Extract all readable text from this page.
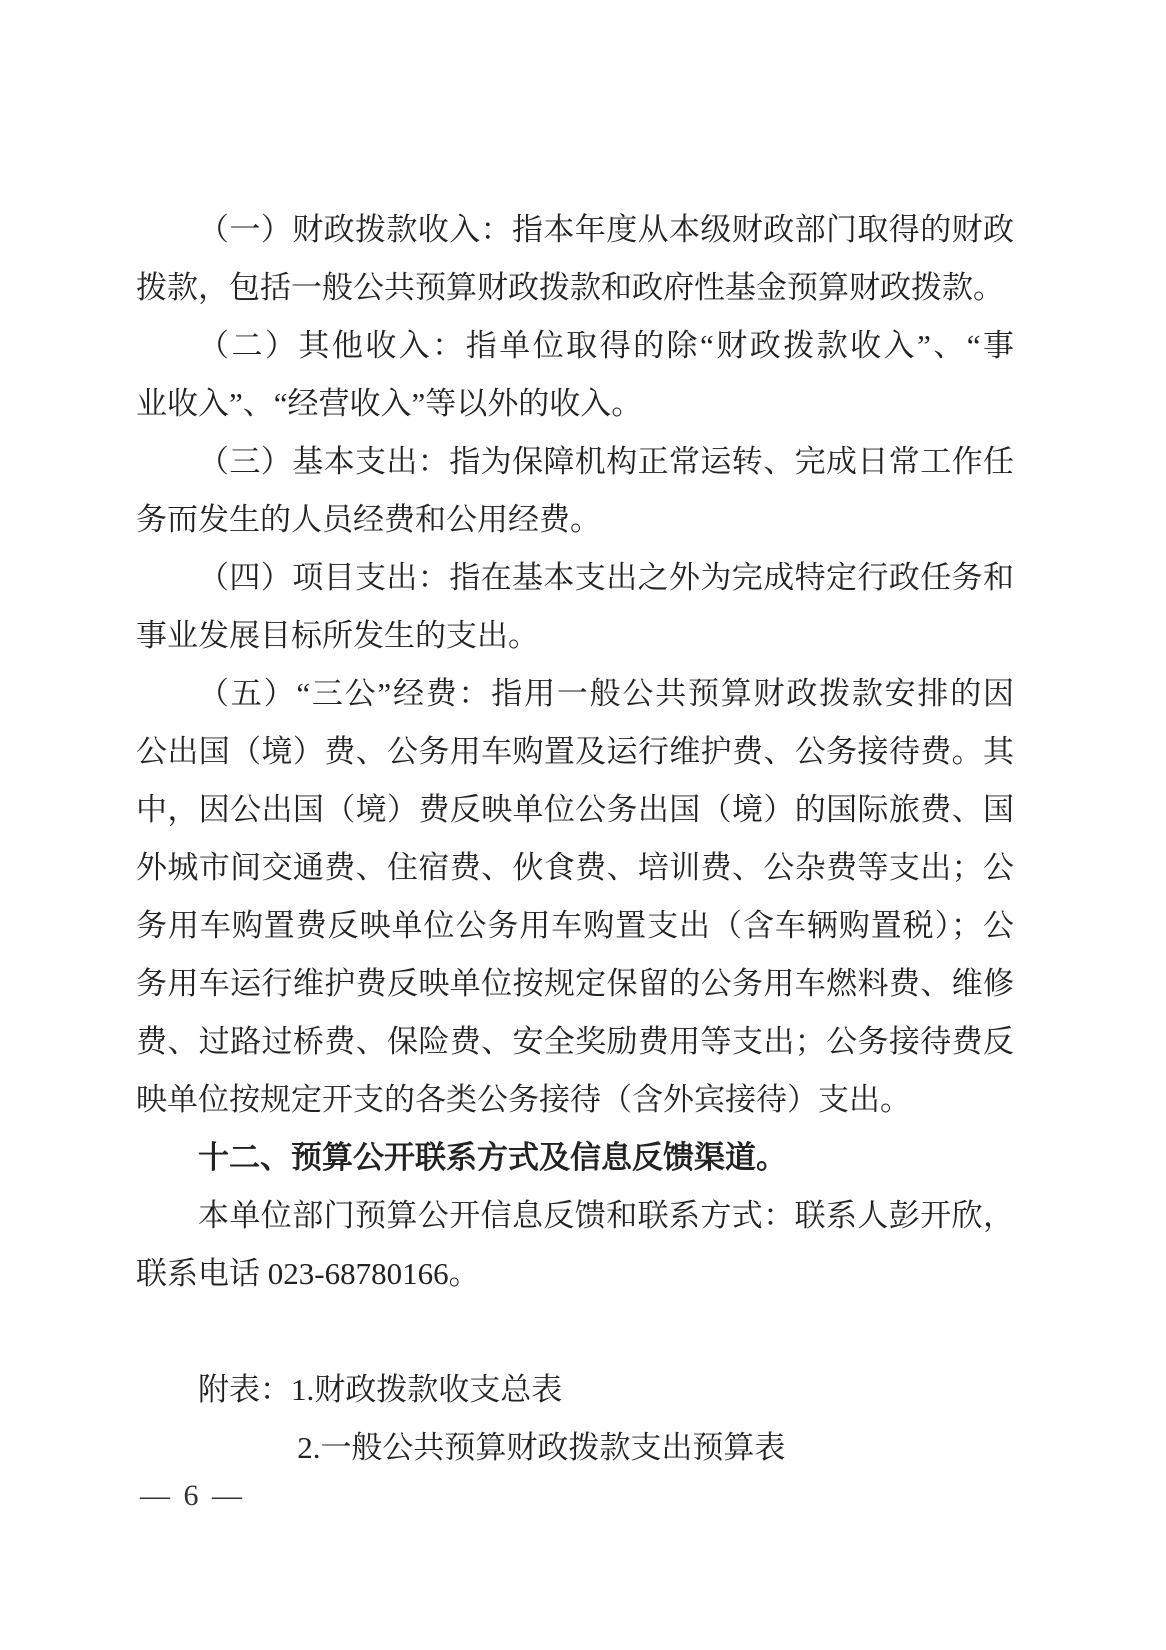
（一）财政拨款收入：指本年度从本级财政部门取得的财政
拨款，包括一般公共预算财政拨款和政府性基金预算财政拨款。
（二）其他收入：指单位取得的除“财政拨款收入”、“事
业收入”、“经营收入”等以外的收入。
（三）基本支出：指为保障机构正常运转、完成日常工作任
务而发生的人员经费和公用经费。
（四）项目支出：指在基本支出之外为完成特定行政任务和
事业发展目标所发生的支出。
（五）“三公”经费：指用一般公共预算财政拨款安排的因
公出国（境）费、公务用车购置及运行维护费、公务接待费。其
中，因公出国（境）费反映单位公务出国（境）的国际旅费、国
外城市间交通费、住宿费、伙食费、培训费、公杂费等支出；公
务用车购置费反映单位公务用车购置支出（含车辆购置税）；公
务用车运行维护费反映单位按规定保留的公务用车燃料费、维修
费、过路过桥费、保险费、安全奖励费用等支出；公务接待费反
映单位按规定开支的各类公务接待（含外宾接待）支出。
十二、预算公开联系方式及信息反馈渠道。
本单位部门预算公开信息反馈和联系方式：联系人彭开欣，
联系电话 023-68780166。
附表：1.财政拨款收支总表
2.一般公共预算财政拨款支出预算表
— 6 —
